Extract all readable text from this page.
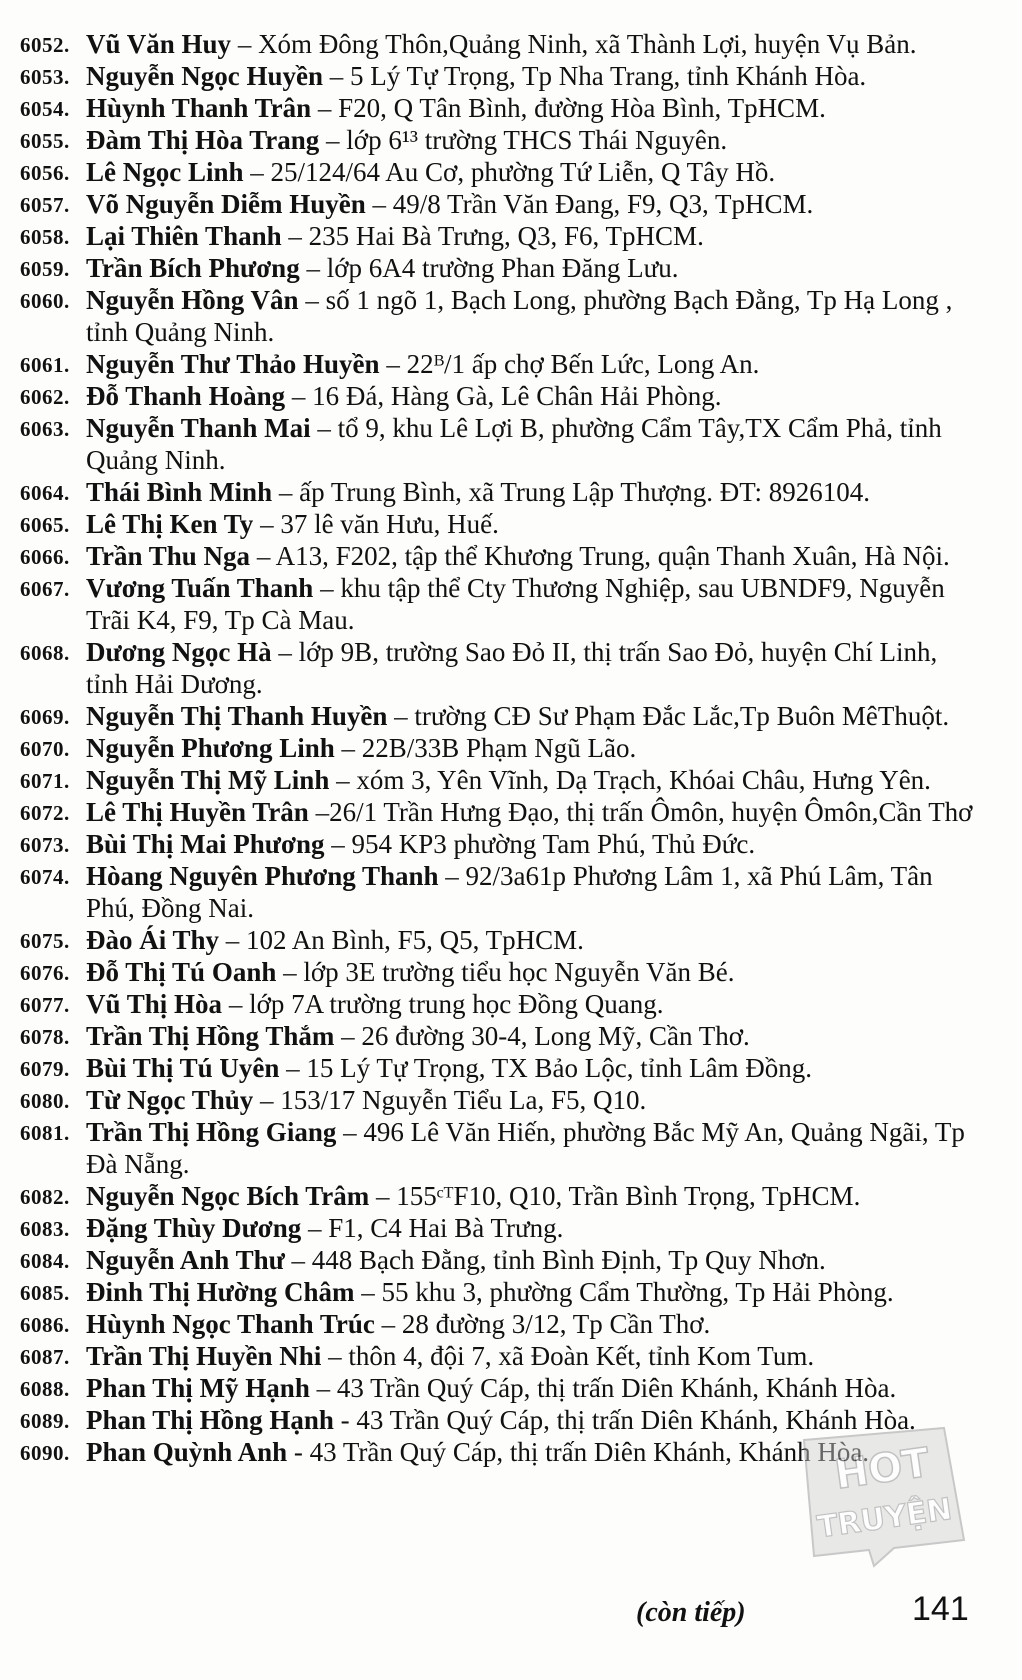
6052. Vũ Văn Huy – Xóm Đông Thôn,Quảng Ninh, xã Thành Lợi, huyện Vụ Bản.

6053. Nguyễn Ngọc Huyền – 5 Lý Tự Trọng, Tp Nha Trang, tỉnh Khánh Hòa.

6054. Hùynh Thanh Trân – F20, Q Tân Bình, đường Hòa Bình, TpHCM.

6055. Đàm Thị Hòa Trang – lớp 6¹³ trường THCS Thái Nguyên.

6056. Lê Ngọc Linh – 25/124/64 Au Cơ, phường Tứ Liễn, Q Tây Hồ.

6057. Võ Nguyễn Diễm Huyền – 49/8 Trần Văn Đang, F9, Q3, TpHCM.

6058. Lại Thiên Thanh – 235 Hai Bà Trưng, Q3, F6, TpHCM.

6059. Trần Bích Phương – lớp 6A4 trường Phan Đăng Lưu.

6060. Nguyễn Hồng Vân – số 1 ngõ 1, Bạch Long, phường Bạch Đằng, Tp Hạ Long , tỉnh Quảng Ninh.

6061. Nguyễn Thư Thảo Huyền – 22ᴮ/1 ấp chợ Bến Lức, Long An.

6062. Đỗ Thanh Hoàng – 16 Đá, Hàng Gà, Lê Chân Hải Phòng.

6063. Nguyễn Thanh Mai – tổ 9, khu Lê Lợi B, phường Cẩm Tây,TX Cẩm Phả, tỉnh Quảng Ninh.

6064. Thái Bình Minh – ấp Trung Bình, xã Trung Lập Thượng. ĐT: 8926104.

6065. Lê Thị Ken Ty – 37 lê văn Hưu, Huế.

6066. Trần Thu Nga – A13, F202, tập thể Khương Trung, quận Thanh Xuân, Hà Nội.

6067. Vương Tuấn Thanh – khu tập thể Cty Thương Nghiệp, sau UBNDF9, Nguyễn Trãi K4, F9, Tp Cà Mau.

6068. Dương Ngọc Hà – lớp 9B, trường Sao Đỏ II, thị trấn Sao Đỏ, huyện Chí Linh, tỉnh Hải Dương.

6069. Nguyễn Thị Thanh Huyền – trường CĐ Sư Phạm Đắc Lắc,Tp Buôn MêThuột.

6070. Nguyễn Phương Linh – 22B/33B Phạm Ngũ Lão.

6071. Nguyễn Thị Mỹ Linh – xóm 3, Yên Vĩnh, Dạ Trạch, Khóai Châu, Hưng Yên.

6072. Lê Thị Huyền Trân –26/1 Trần Hưng Đạo, thị trấn Ômôn, huyện Ômôn,Cần Thơ

6073. Bùi Thị Mai Phương – 954 KP3 phường Tam Phú, Thủ Đức.

6074. Hòang Nguyên Phương Thanh – 92/3a61p Phương Lâm 1, xã Phú Lâm, Tân Phú, Đồng Nai.

6075. Đào Ái Thy – 102 An Bình, F5, Q5, TpHCM.

6076. Đỗ Thị Tú Oanh – lớp 3E trường tiểu học Nguyễn Văn Bé.

6077. Vũ Thị Hòa – lớp 7A trường trung học Đồng Quang.

6078. Trần Thị Hồng Thắm – 26 đường 30-4, Long Mỹ, Cần Thơ.

6079. Bùi Thị Tú Uyên – 15 Lý Tự Trọng, TX Bảo Lộc, tỉnh Lâm Đồng.

6080. Từ Ngọc Thủy – 153/17 Nguyễn Tiểu La, F5, Q10.

6081. Trần Thị Hồng Giang – 496 Lê Văn Hiến, phường Bắc Mỹ An, Quảng Ngãi, Tp Đà Nẵng.

6082. Nguyễn Ngọc Bích Trâm – 155ᶜᵀF10, Q10, Trần Bình Trọng, TpHCM.

6083. Đặng Thùy Dương – F1, C4 Hai Bà Trưng.

6084. Nguyễn Anh Thư – 448 Bạch Đằng, tỉnh Bình Định, Tp Quy Nhơn.

6085. Đinh Thị Hường Châm – 55 khu 3, phường Cẩm Thường, Tp Hải Phòng.

6086. Hùynh Ngọc Thanh Trúc – 28 đường 3/12, Tp Cần Thơ.

6087. Trần Thị Huyền Nhi – thôn 4, đội 7, xã Đoàn Kết, tỉnh Kom Tum.

6088. Phan Thị Mỹ Hạnh – 43 Trần Quý Cáp, thị trấn Diên Khánh, Khánh Hòa.

6089. Phan Thị Hồng Hạnh - 43 Trần Quý Cáp, thị trấn Diên Khánh, Khánh Hòa.

6090. Phan Quỳnh Anh - 43 Trần Quý Cáp, thị trấn Diên Khánh, Khánh Hòa.

HOT
TRUYỆN
(còn tiếp)	141
